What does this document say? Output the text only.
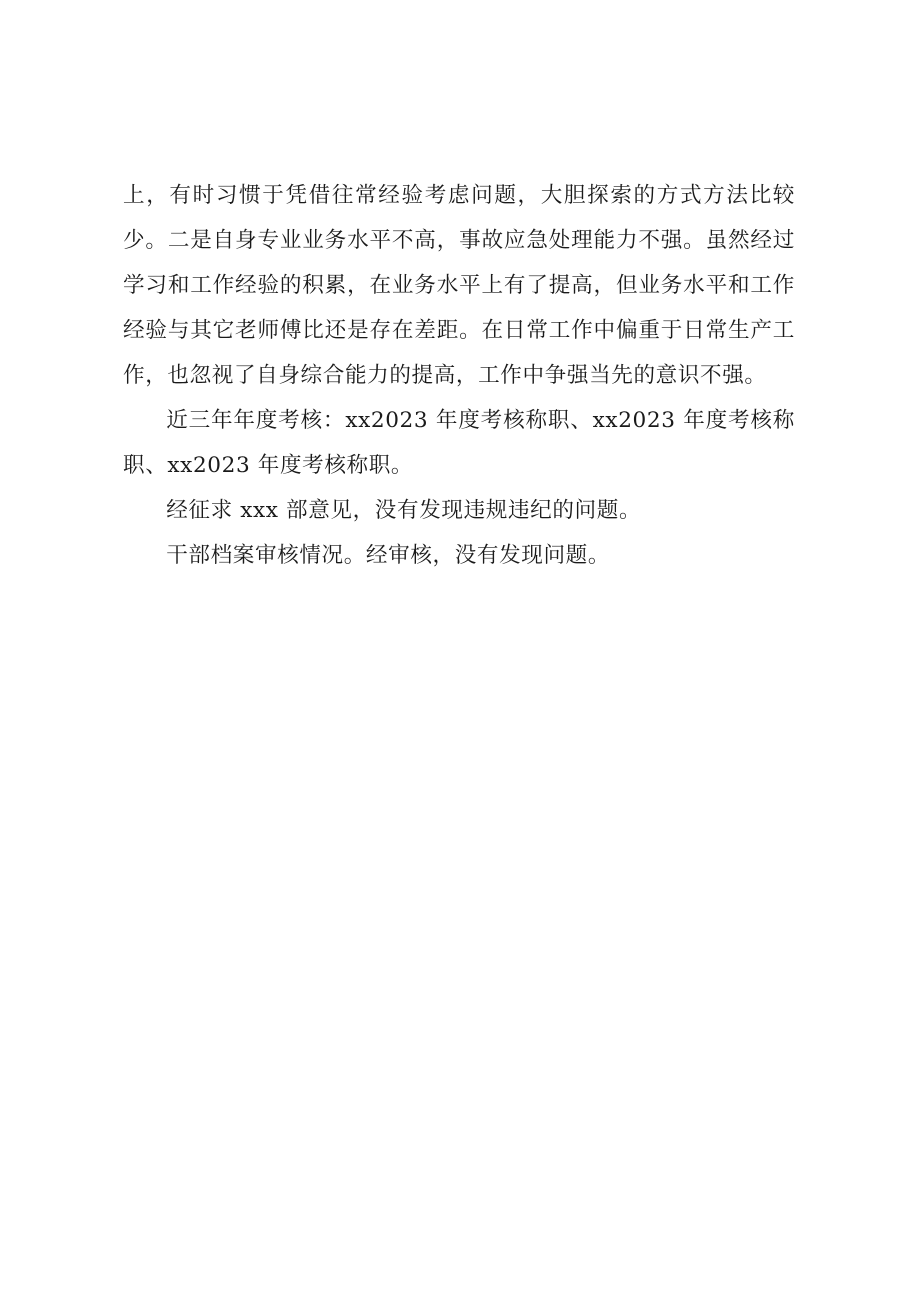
上，有时习惯于凭借往常经验考虑问题，大胆探索的方式方法比较少。二是自身专业业务水平不高，事故应急处理能力不强。虽然经过学习和工作经验的积累，在业务水平上有了提高，但业务水平和工作经验与其它老师傅比还是存在差距。在日常工作中偏重于日常生产工作，也忽视了自身综合能力的提高，工作中争强当先的意识不强。

近三年年度考核：xx2023 年度考核称职、xx2023 年度考核称职、xx2023 年度考核称职。

经征求 xxx 部意见，没有发现违规违纪的问题。

干部档案审核情况。经审核，没有发现问题。
